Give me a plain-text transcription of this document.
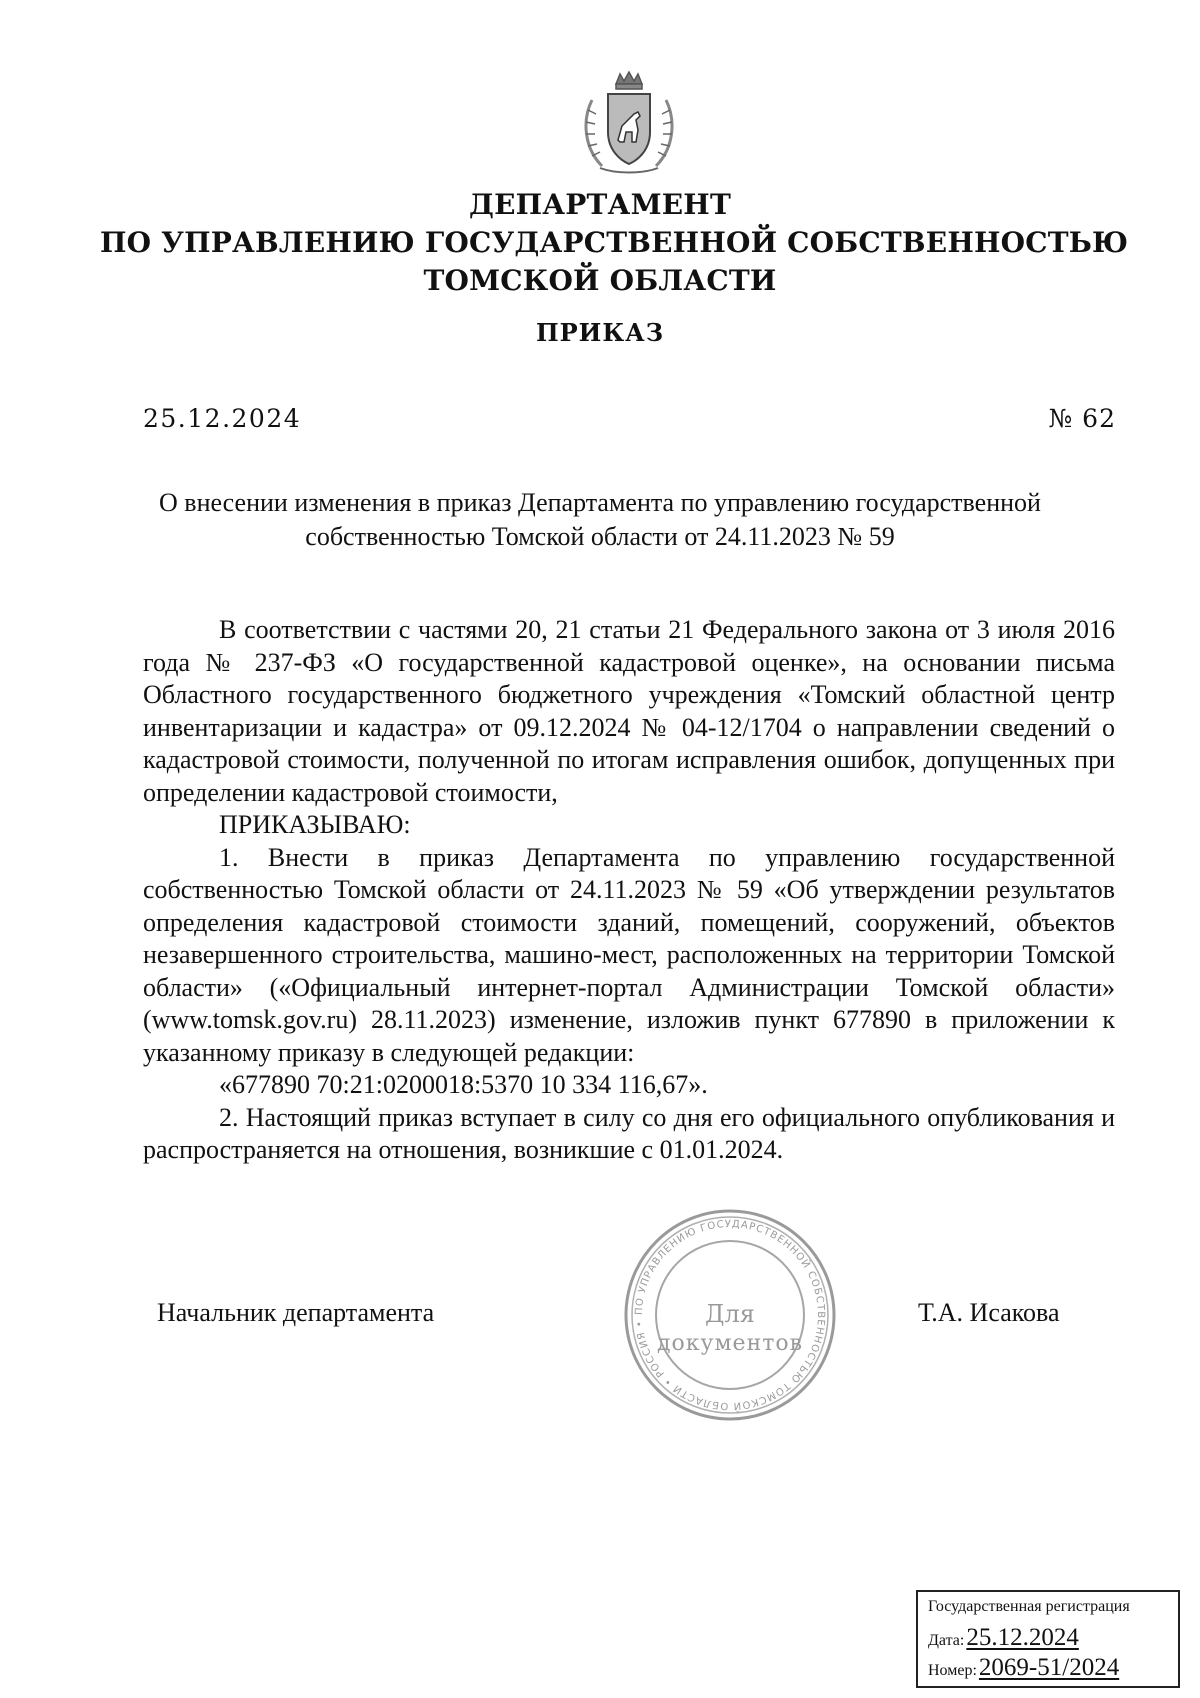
ДЕПАРТАМЕНТ
ПО УПРАВЛЕНИЮ ГОСУДАРСТВЕННОЙ СОБСТВЕННОСТЬЮ
ТОМСКОЙ ОБЛАСТИ
ПРИКАЗ
25.12.2024	№ 62
О внесении изменения в приказ Департамента по управлению государственной
собственностью Томской области от 24.11.2023 № 59

В соответствии с частями 20, 21 статьи 21 Федерального закона от 3 июля 2016 года № 237-ФЗ «О государственной кадастровой оценке», на основании письма Областного государственного бюджетного учреждения «Томский областной центр инвентаризации и кадастра» от 09.12.2024 № 04-12/1704 о направлении сведений о кадастровой стоимости, полученной по итогам исправления ошибок, допущенных при определении кадастровой стоимости,

ПРИКАЗЫВАЮ:

1. Внести в приказ Департамента по управлению государственной собственностью Томской области от 24.11.2023 № 59 «Об утверждении результатов определения кадастровой стоимости зданий, помещений, сооружений, объектов незавершенного строительства, машино-мест, расположенных на территории Томской области» («Официальный интернет-портал Администрации Томской области» (www.tomsk.gov.ru) 28.11.2023) изменение, изложив пункт 677890 в приложении к указанному приказу в следующей редакции:

«677890 70:21:0200018:5370 10 334 116,67».

2. Настоящий приказ вступает в силу со дня его официального опубликования и распространяется на отношения, возникшие с 01.01.2024.

ПО УПРАВЛЕНИЮ ГОСУДАРСТВЕННОЙ СОБСТВЕННОСТЬЮ ТОМСКОЙ ОБЛАСТИ • РОССИЯ •	Для
документов
Начальник департамента	Т.А. Исакова
Государственная регистрация
Дата:25.12.2024
Номер:2069-51/2024
